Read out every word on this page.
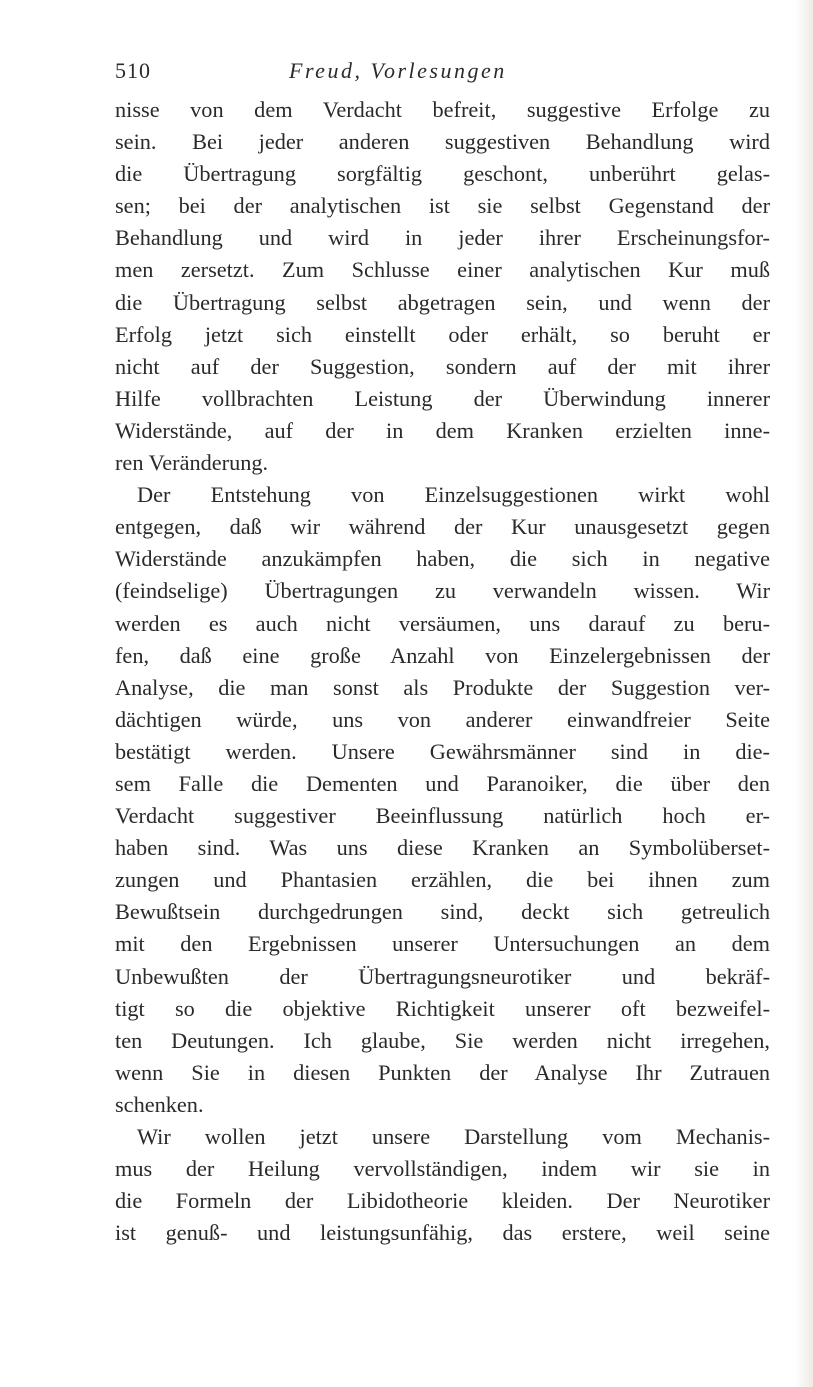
510	Freud, Vorlesungen
nisse von dem Verdacht befreit, suggestive Erfolge zu
sein. Bei jeder anderen suggestiven Behandlung wird
die Übertragung sorgfältig geschont, unberührt gelas-
sen; bei der analytischen ist sie selbst Gegenstand der
Behandlung und wird in jeder ihrer Erscheinungsfor-
men zersetzt. Zum Schlusse einer analytischen Kur muß
die Übertragung selbst abgetragen sein, und wenn der
Erfolg jetzt sich einstellt oder erhält, so beruht er
nicht auf der Suggestion, sondern auf der mit ihrer
Hilfe vollbrachten Leistung der Überwindung innerer
Widerstände, auf der in dem Kranken erzielten inne-
ren Veränderung.
Der Entstehung von Einzelsuggestionen wirkt wohl
entgegen, daß wir während der Kur unausgesetzt gegen
Widerstände anzukämpfen haben, die sich in negative
(feindselige) Übertragungen zu verwandeln wissen. Wir
werden es auch nicht versäumen, uns darauf zu beru-
fen, daß eine große Anzahl von Einzelergebnissen der
Analyse, die man sonst als Produkte der Suggestion ver-
dächtigen würde, uns von anderer einwandfreier Seite
bestätigt werden. Unsere Gewährsmänner sind in die-
sem Falle die Dementen und Paranoiker, die über den
Verdacht suggestiver Beeinflussung natürlich hoch er-
haben sind. Was uns diese Kranken an Symbolüberset-
zungen und Phantasien erzählen, die bei ihnen zum
Bewußtsein durchgedrungen sind, deckt sich getreulich
mit den Ergebnissen unserer Untersuchungen an dem
Unbewußten der Übertragungsneurotiker und bekräf-
tigt so die objektive Richtigkeit unserer oft bezweifel-
ten Deutungen. Ich glaube, Sie werden nicht irregehen,
wenn Sie in diesen Punkten der Analyse Ihr Zutrauen
schenken.
Wir wollen jetzt unsere Darstellung vom Mechanis-
mus der Heilung vervollständigen, indem wir sie in
die Formeln der Libidotheorie kleiden. Der Neurotiker
ist genuß- und leistungsunfähig, das erstere, weil seine
